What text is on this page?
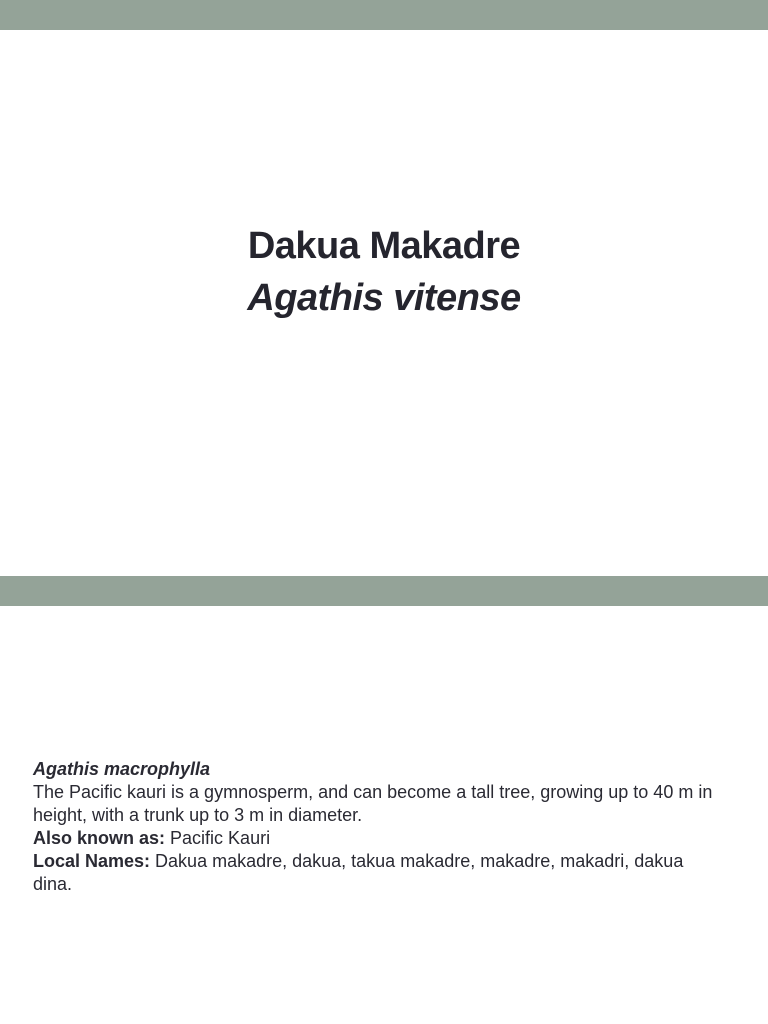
Dakua Makadre
Agathis vitense

Agathis macrophylla

The Pacific kauri is a gymnosperm, and can become a tall tree, growing up to 40 m in height, with a trunk up to 3 m in diameter.

Also known as: Pacific Kauri

Local Names: Dakua makadre, dakua, takua makadre, makadre, makadri, dakua dina.
